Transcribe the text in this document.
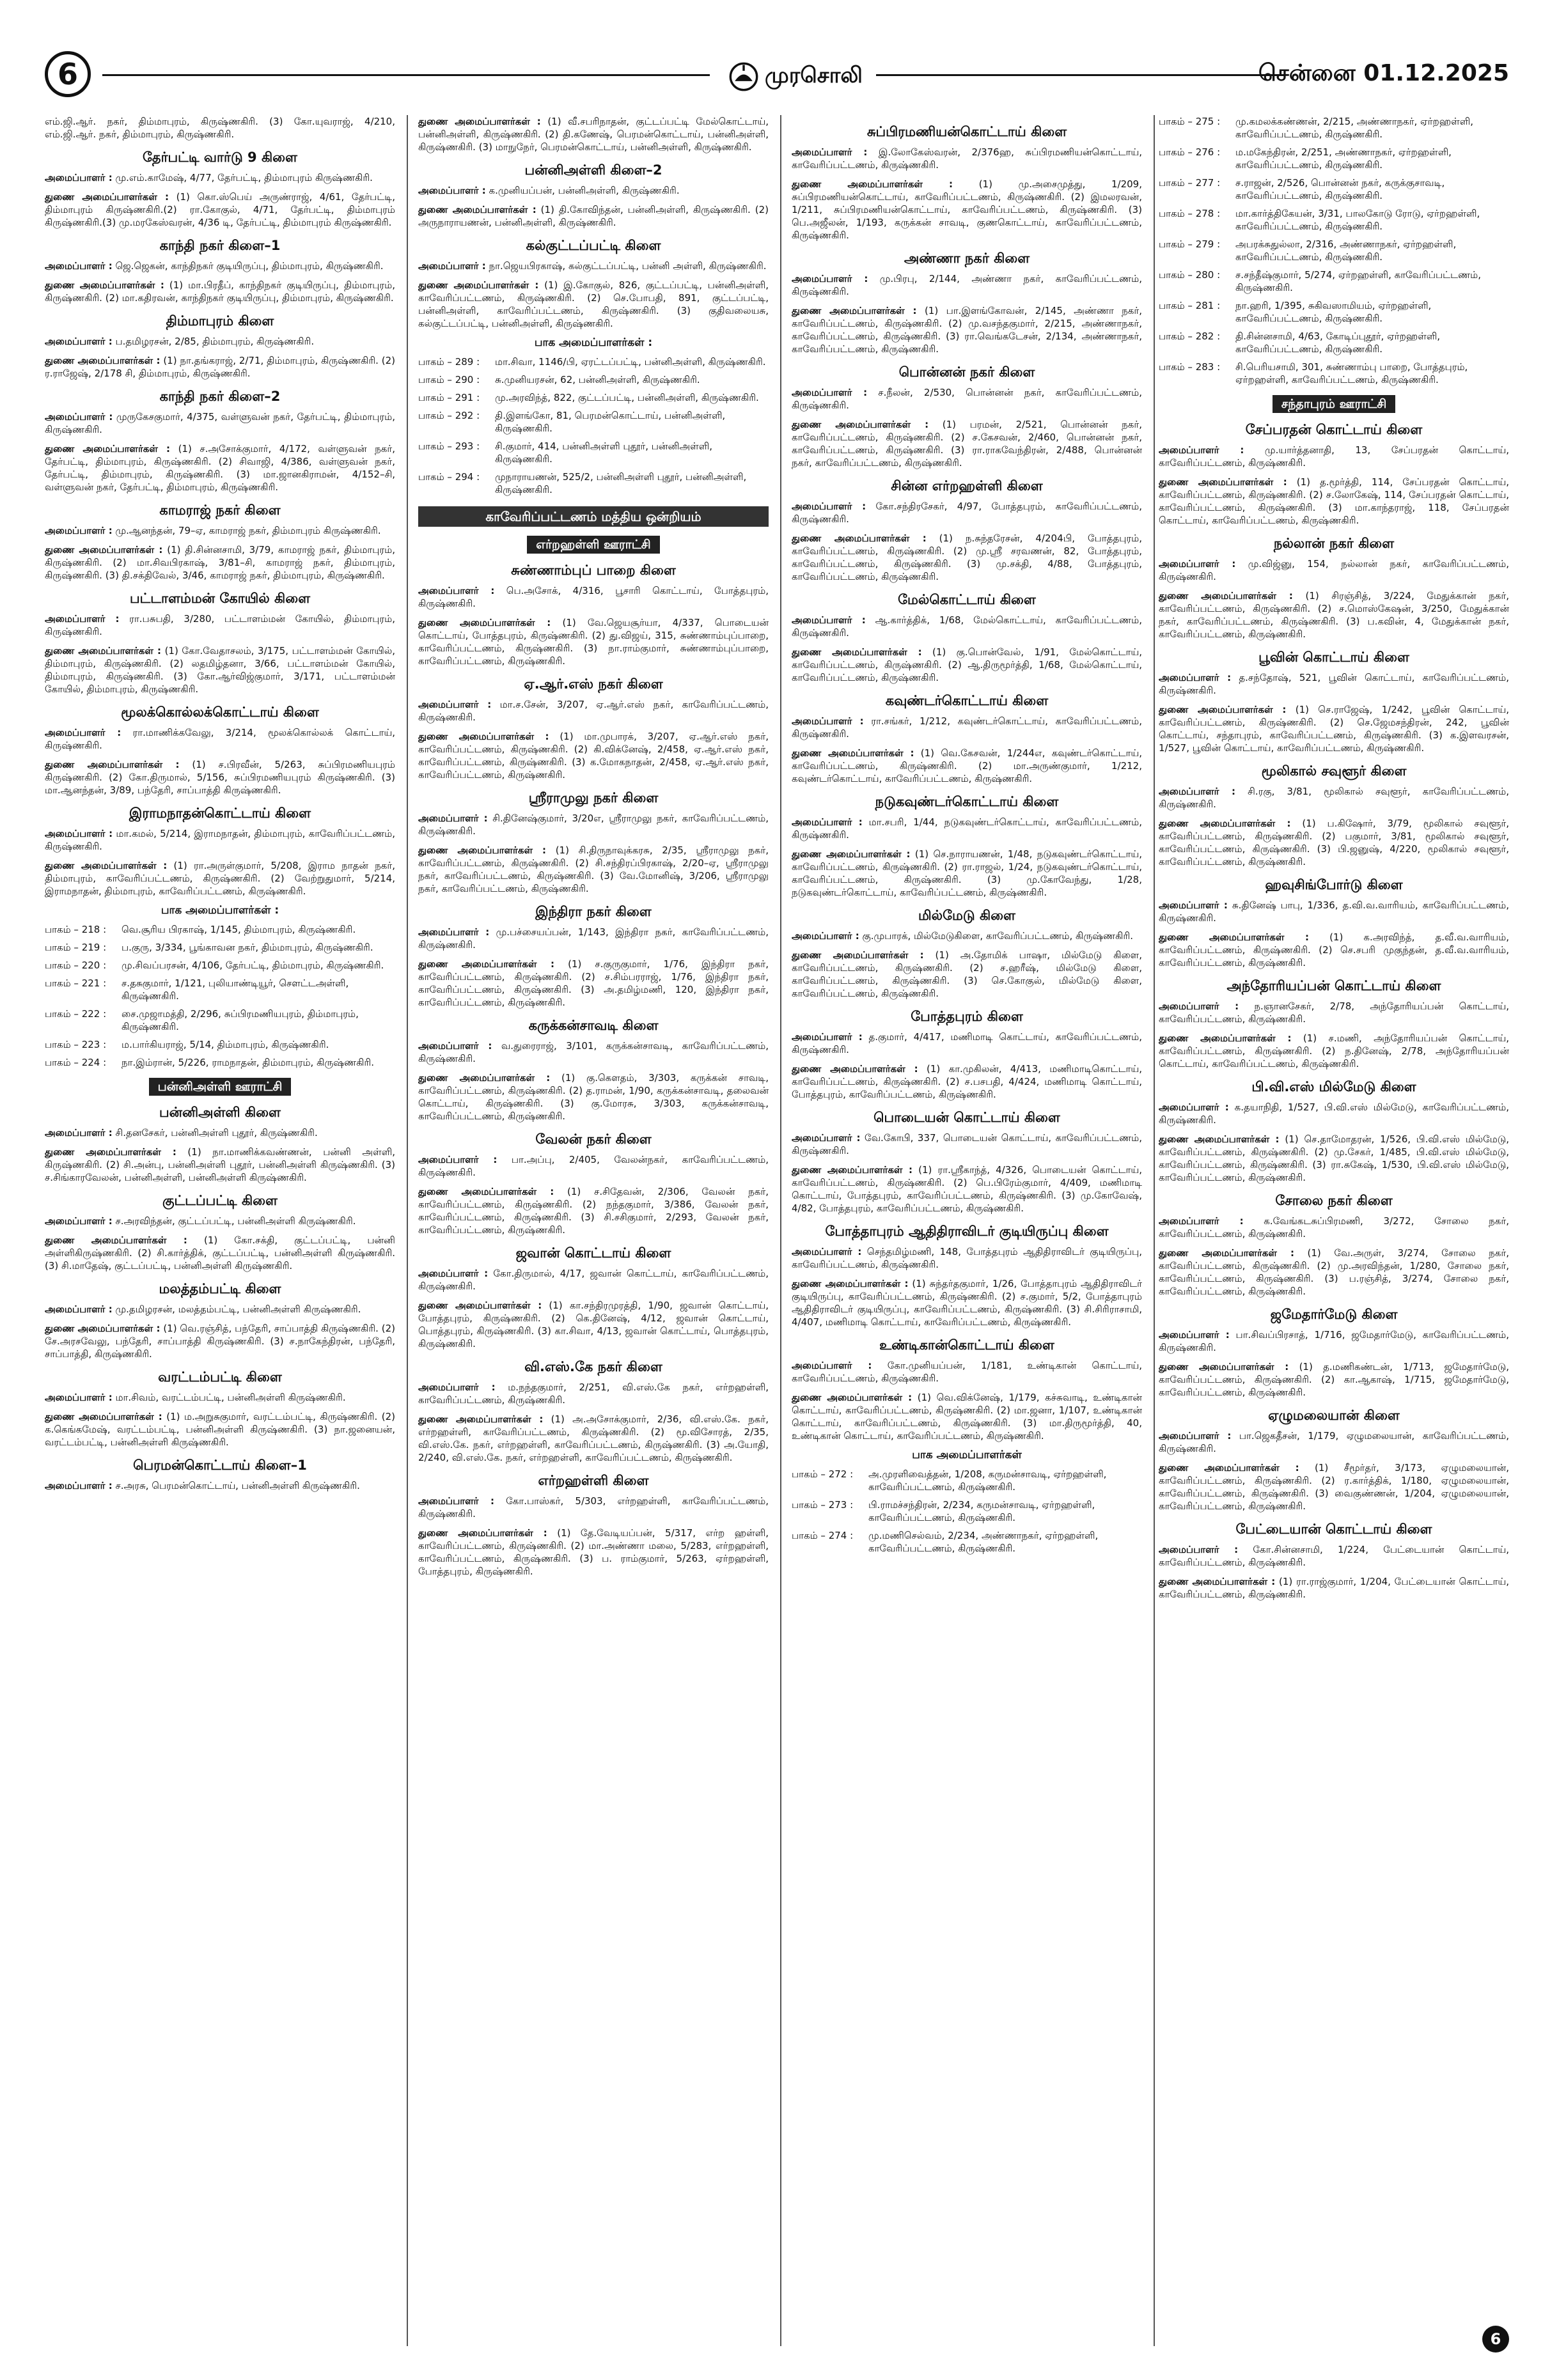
6	முரசொலி	சென்னை 01.12.2025

எம்.ஜி.ஆர். நகர், திம்மாபுரம், கிருஷ்ணகிரி. (3) கோ.யுவராஜ், 4/210, எம்.ஜி.ஆர். நகர், திம்மாபுரம், கிருஷ்ணகிரி.

தேர்பட்டி வார்டு 9 கிளை

அமைப்பாளர் : மு.எம்.காமேஷ், 4/77, தேர்பட்டி, திம்மாபுரம் கிருஷ்ணகிரி.

துணை அமைப்பாளர்கள் : (1) கொ.ஸ்பெய் அருண்ராஜ், 4/61, தேர்பட்டி, திம்மாபுரம் கிருஷ்ணகிரி.(2) ரா.கோகுல், 4/71, தேர்பட்டி, திம்மாபுரம் கிருஷ்ணகிரி.(3) மு.மரகேஸ்வரன், 4/36 டி, தேர்பட்டி, திம்மாபுரம் கிருஷ்ணகிரி.

காந்தி நகர் கிளை–1

அமைப்பாளர் : ஜெ.ஜெகன், காந்திநகர் குடியிருப்பு, திம்மாபுரம், கிருஷ்ணகிரி.

துணை அமைப்பாளர்கள் : (1) மா.பிரதீப், காந்திநகர் குடியிருப்பு, திம்மாபுரம், கிருஷ்ணகிரி. (2) மா.கதிரவன், காந்திநகர் குடியிருப்பு, திம்மாபுரம், கிருஷ்ணகிரி.

திம்மாபுரம் கிளை

அமைப்பாளர் : ப.தமிழரசன், 2/85, திம்மாபுரம், கிருஷ்ணகிரி.

துணை அமைப்பாளர்கள் : (1) நா.தங்கராஜ், 2/71, திம்மாபுரம், கிருஷ்ணகிரி. (2) ர.ராஜேஷ், 2/178 சி, திம்மாபுரம், கிருஷ்ணகிரி.

காந்தி நகர் கிளை–2

அமைப்பாளர் : முருகேசகுமார், 4/375, வள்ளுவன் நகர், தேர்பட்டி, திம்மாபுரம், கிருஷ்ணகிரி.

துணை அமைப்பாளர்கள் : (1) ச.அசோக்குமார், 4/172, வள்ளுவன் நகர், தேர்பட்டி, திம்மாபுரம், கிருஷ்ணகிரி. (2) சிவாஜி, 4/386, வள்ளுவன் நகர், தேர்பட்டி, திம்மாபுரம், கிருஷ்ணகிரி. (3) மா.ஜானகிராமன், 4/152–சி, வள்ளுவன் நகர், தேர்பட்டி, திம்மாபுரம், கிருஷ்ணகிரி.

காமராஜ் நகர் கிளை

அமைப்பாளர் : மு.ஆனந்தன், 79–ஏ, காமராஜ் நகர், திம்மாபுரம் கிருஷ்ணகிரி.

துணை அமைப்பாளர்கள் : (1) தி.சின்னசாமி, 3/79, காமராஜ் நகர், திம்மாபுரம், கிருஷ்ணகிரி. (2) மா.சிவபிரகாஷ், 3/81–சி, காமராஜ் நகர், திம்மாபுரம், கிருஷ்ணகிரி. (3) தி.சக்திவேல், 3/46, காமராஜ் நகர், திம்மாபுரம், கிருஷ்ணகிரி.

பட்டாளம்மன் கோயில் கிளை

அமைப்பாளர் : ரா.பசுபதி, 3/280, பட்டாளம்மன் கோயில், திம்மாபுரம், கிருஷ்ணகிரி.

துணை அமைப்பாளர்கள் : (1) கோ.வேதாசலம், 3/175, பட்டாளம்மன் கோயில், திம்மாபுரம், கிருஷ்ணகிரி. (2) லதமிழ்தனா, 3/66, பட்டாளம்மன் கோயில், திம்மாபுரம், கிருஷ்ணகிரி. (3) கோ.ஆர்விஜ்குமார், 3/171, பட்டாளம்மன் கோயில், திம்மாபுரம், கிருஷ்ணகிரி.

மூலக்கொல்லக்கொட்டாய் கிளை

அமைப்பாளர் : ரா.மாணிக்கவேலு, 3/214, மூலக்கொல்லக் கொட்டாய், கிருஷ்ணகிரி.

துணை அமைப்பாளர்கள் : (1) ச.பிரவீன், 5/263, சுப்பிரமணியபுரம் கிருஷ்ணகிரி. (2) கோ.திருமால், 5/156, சுப்பிரமணியபுரம் கிருஷ்ணகிரி. (3) மா.ஆனந்தன், 3/89, பந்தேரி, சாப்பாத்தி கிருஷ்ணகிரி.

இராமநாதன்கொட்டாய் கிளை

அமைப்பாளர் : மா.கமல், 5/214, இராமநாதன், திம்மாபுரம், காவேரிப்பட்டணம், கிருஷ்ணகிரி.

துணை அமைப்பாளர்கள் : (1) ரா.அருள்குமார், 5/208, இராம நாதன் நகர், திம்மாபுரம், காவேரிப்பட்டணம், கிருஷ்ணகிரி. (2) வேற்றுதுமார், 5/214, இராமநாதன், திம்மாபுரம், காவேரிப்பட்டணம், கிருஷ்ணகிரி.

பாக அமைப்பாளர்கள் :
பாகம் – 218 :	வெ.சூரிய பிரகாஷ், 1/145, திம்மாபுரம், கிருஷ்ணகிரி.
பாகம் – 219 :	ப.குரு, 3/334, பூங்காவன நகர், திம்மாபுரம், கிருஷ்ணகிரி.
பாகம் – 220 :	மு.சிவப்பரசன், 4/106, தேர்பட்டி, திம்மாபுரம், கிருஷ்ணகிரி.
பாகம் – 221 :	ச.தசுகுமார், 1/121, புலியாண்டியூர், சௌட்டஅள்ளி, கிருஷ்ணகிரி.
பாகம் – 222 :	சை.முஜாமத்தி, 2/296, சுப்பிரமணியபுரம், திம்மாபுரம், கிருஷ்ணகிரி.
பாகம் – 223 :	ம.பார்கியராஜ், 5/14, திம்மாபுரம், கிருஷ்ணகிரி.
பாகம் – 224 :	நா.இம்ரான், 5/226, ராமநாதன், திம்மாபுரம், கிருஷ்ணகிரி.
பன்னிஅள்ளி ஊராட்சி
பன்னிஅள்ளி கிளை

அமைப்பாளர் : சி.தனசேகர், பன்னிஅள்ளி புதூர், கிருஷ்ணகிரி.

துணை அமைப்பாளர்கள் : (1) நா.மாணிக்கவண்ணன், பன்னி அள்ளி, கிருஷ்ணகிரி. (2) சி.அன்பு, பன்னிஅள்ளி புதூர், பன்னிஅள்ளி கிருஷ்ணகிரி. (3) ச.சிங்காரவேலன், பன்னிஅள்ளி, பன்னிஅள்ளி கிருஷ்ணகிரி.

குட்டப்பட்டி கிளை

அமைப்பாளர் : ச.அரவிந்தன், குட்டப்பட்டி, பன்னிஅள்ளி கிருஷ்ணகிரி.

துணை அமைப்பாளர்கள் : (1) கோ.சக்தி, குட்டப்பட்டி, பன்னி அள்ளிகிருஷ்ணகிரி. (2) சி.கார்த்திக், குட்டப்பட்டி, பன்னிஅள்ளி கிருஷ்ணகிரி. (3) சி.மாதேஷ், குட்டப்பட்டி, பன்னிஅள்ளி கிருஷ்ணகிரி.

மலத்தம்பட்டி கிளை

அமைப்பாளர் : மு.தமிழரசன், மலத்தம்பட்டி, பன்னிஅள்ளி கிருஷ்ணகிரி.

துணை அமைப்பாளர்கள் : (1) வெ.ரஞ்சித், பந்தேரி, சாப்பாத்தி கிருஷ்ணகிரி. (2) சே.அரசவேலு, பந்தேரி, சாப்பாத்தி கிருஷ்ணகிரி. (3) ச.நாகேந்திரன், பந்தேரி, சாப்பாத்தி, கிருஷ்ணகிரி.

வரட்டம்பட்டி கிளை

அமைப்பாளர் : மா.சிவம், வரட்டம்பட்டி, பன்னிஅள்ளி கிருஷ்ணகிரி.

துணை அமைப்பாளர்கள் : (1) ம.அறுசுகுமார், வரட்டம்பட்டி, கிருஷ்ணகிரி. (2) க.கெங்கமேஷ், வரட்டம்பட்டி, பன்னிஅள்ளி கிருஷ்ணகிரி. (3) நா.ஜனையன், வரட்டம்பட்டி, பன்னிஅள்ளி கிருஷ்ணகிரி.

பெரமன்கொட்டாய் கிளை–1

அமைப்பாளர் : ச.அரசு, பெரமன்கொட்டாய், பன்னிஅள்ளி கிருஷ்ணகிரி.

துணை அமைப்பாளர்கள் : (1) வீ.சபரிநாதன், குட்டப்பட்டி மேல்கொட்டாய், பன்னிஅள்ளி, கிருஷ்ணகிரி. (2) தி.கணேஷ், பெரமன்கொட்டாய், பன்னிஅள்ளி, கிருஷ்ணகிரி. (3) மாநுநேர், பெரமன்கொட்டாய், பன்னிஅள்ளி, கிருஷ்ணகிரி.

பன்னிஅள்ளி கிளை–2

அமைப்பாளர் : க.முனியப்பன், பன்னிஅள்ளி, கிருஷ்ணகிரி.

துணை அமைப்பாளர்கள் : (1) தி.கோவிந்தன், பன்னிஅள்ளி, கிருஷ்ணகிரி. (2) அருநாராயணன், பன்னிஅள்ளி, கிருஷ்ணகிரி.

கல்குட்டப்பட்டி கிளை

அமைப்பாளர் : நா.ஜெயபிரகாஷ், கல்குட்டப்பட்டி, பன்னி அள்ளி, கிருஷ்ணகிரி.

துணை அமைப்பாளர்கள் : (1) இ.கோகுல், 826, குட்டப்பட்டி, பன்னிஅள்ளி, காவேரிப்பட்டணம், கிருஷ்ணகிரி. (2) செ.போபதி, 891, குட்டப்பட்டி, பன்னிஅள்ளி, காவேரிப்பட்டணம், கிருஷ்ணகிரி. (3) குதிவலையசு, கல்குட்டப்பட்டி, பன்னிஅள்ளி, கிருஷ்ணகிரி.

பாக அமைப்பாளர்கள் :
பாகம் – 289 :	மா.சிவா, 1146/பி, ஏரட்டப்பட்டி, பன்னிஅள்ளி, கிருஷ்ணகிரி.
பாகம் – 290 :	சு.முனியரசன், 62, பன்னிஅள்ளி, கிருஷ்ணகிரி.
பாகம் – 291 :	மு.அரவிந்த், 822, குட்டப்பட்டி, பன்னிஅள்ளி, கிருஷ்ணகிரி.
பாகம் – 292 :	தி.இளங்கோ, 81, பெரமன்கொட்டாய், பன்னிஅள்ளி, கிருஷ்ணகிரி.
பாகம் – 293 :	சி.குமார், 414, பன்னிஅள்ளி புதூர், பன்னிஅள்ளி, கிருஷ்ணகிரி.
பாகம் – 294 :	முநாராயணன், 525/2, பன்னிஅள்ளி புதூர், பன்னிஅள்ளி, கிருஷ்ணகிரி.
காவேரிப்பட்டணம் மத்திய ஒன்றியம்
எர்றஹள்ளி ஊராட்சி
சுண்ணாம்புப் பாறை கிளை

அமைப்பாளர் : பெ.அசோக், 4/316, பூசாரி கொட்டாய், போத்தபுரம், கிருஷ்ணகிரி.

துணை அமைப்பாளர்கள் : (1) வே.ஜெயசூர்யா, 4/337, பொடையன் கொட்டாய், போத்தபுரம், கிருஷ்ணகிரி. (2) து.விஜய், 315, சுண்ணாம்புப்பாறை, காவேரிப்பட்டணம், கிருஷ்ணகிரி. (3) நா.ராம்குமார், சுண்ணாம்புப்பாறை, காவேரிப்பட்டணம், கிருஷ்ணகிரி.

ஏ.ஆர்.எஸ் நகர் கிளை

அமைப்பாளர் : மா.ச.சேன், 3/207, ஏ.ஆர்.எஸ் நகர், காவேரிப்பட்டணம், கிருஷ்ணகிரி.

துணை அமைப்பாளர்கள் : (1) மா.முபாரக், 3/207, ஏ.ஆர்.எஸ் நகர், காவேரிப்பட்டணம், கிருஷ்ணகிரி. (2) கி.விக்னேஷ், 2/458, ஏ.ஆர்.எஸ் நகர், காவேரிப்பட்டணம், கிருஷ்ணகிரி. (3) க.மோகநாதன், 2/458, ஏ.ஆர்.எஸ் நகர், காவேரிப்பட்டணம், கிருஷ்ணகிரி.

ஸ்ரீராமுலு நகர் கிளை

அமைப்பாளர் : சி.தினேஷ்குமார், 3/20எ, ஸ்ரீராமுலு நகர், காவேரிப்பட்டணம், கிருஷ்ணகிரி.

துணை அமைப்பாளர்கள் : (1) சி.திருநாவுக்கரசு, 2/35, ஸ்ரீராமுலு நகர், காவேரிப்பட்டணம், கிருஷ்ணகிரி. (2) சி.சந்திரப்பிரகாஷ், 2/20–ஏ, ஸ்ரீராமுலு நகர், காவேரிப்பட்டணம், கிருஷ்ணகிரி. (3) வே.மோனிஷ், 3/206, ஸ்ரீராமுலு நகர், காவேரிப்பட்டணம், கிருஷ்ணகிரி.

இந்திரா நகர் கிளை

அமைப்பாளர் : மு.பச்சையப்பன், 1/143, இந்திரா நகர், காவேரிப்பட்டணம், கிருஷ்ணகிரி.

துணை அமைப்பாளர்கள் : (1) ச.குருகுமார், 1/76, இந்திரா நகர், காவேரிப்பட்டணம், கிருஷ்ணகிரி. (2) ச.சிம்பரராஜ், 1/76, இந்திரா நகர், காவேரிப்பட்டணம், கிருஷ்ணகிரி. (3) அ.தமிழ்மணி, 120, இந்திரா நகர், காவேரிப்பட்டணம், கிருஷ்ணகிரி.

கருக்கன்சாவடி கிளை

அமைப்பாளர் : வ.துரைராஜ், 3/101, கருக்கன்சாவடி, காவேரிப்பட்டணம், கிருஷ்ணகிரி.

துணை அமைப்பாளர்கள் : (1) கு.கௌதம், 3/303, கருக்கன் சாவடி, காவேரிப்பட்டணம், கிருஷ்ணகிரி. (2) த.ராமன், 1/90, கருக்கன்சாவடி, தலைவன் கொட்டாய், கிருஷ்ணகிரி. (3) கு.மோரசு, 3/303, கருக்கன்சாவடி, காவேரிப்பட்டணம், கிருஷ்ணகிரி.

வேலன் நகர் கிளை

அமைப்பாளர் : பா.அப்பு, 2/405, வேலன்நகர், காவேரிப்பட்டணம், கிருஷ்ணகிரி.

துணை அமைப்பாளர்கள் : (1) ச.சிதேவன், 2/306, வேலன் நகர், காவேரிப்பட்டணம், கிருஷ்ணகிரி. (2) நந்தகுமார், 3/386, வேலன் நகர், காவேரிப்பட்டணம், கிருஷ்ணகிரி. (3) சி.சசிகுமார், 2/293, வேலன் நகர், காவேரிப்பட்டணம், கிருஷ்ணகிரி.

ஜவான் கொட்டாய் கிளை

அமைப்பாளர் : கோ.திருமால், 4/17, ஜவான் கொட்டாய், காவேரிப்பட்டணம், கிருஷ்ணகிரி.

துணை அமைப்பாளர்கள் : (1) கா.சந்திரமுரத்தி, 1/90, ஜவான் கொட்டாய், போத்தபுரம், கிருஷ்ணகிரி. (2) கெ.தினேஷ், 4/12, ஜவான் கொட்டாய், பொத்தபுரம், கிருஷ்ணகிரி. (3) கா.சிவா, 4/13, ஜவான் கொட்டாய், பொத்தபுரம், கிருஷ்ணகிரி.

வி.எஸ்.கே நகர் கிளை

அமைப்பாளர் : ம.நந்தகுமார், 2/251, வி.எஸ்.கே நகர், எர்றஹள்ளி, காவேரிப்பட்டணம், கிருஷ்ணகிரி.

துணை அமைப்பாளர்கள் : (1) அ.அசோக்குமார், 2/36, வி.எஸ்.கே. நகர், எர்றஹள்ளி, காவேரிப்பட்டணம், கிருஷ்ணகிரி. (2) மூ.விசோரத், 2/35, வி.எஸ்.கே. நகர், எர்றஹள்ளி, காவேரிப்பட்டணம், கிருஷ்ணகிரி. (3) அ.யோதி, 2/240, வி.எஸ்.கே. நகர், எர்றஹள்ளி, காவேரிப்பட்டணம், கிருஷ்ணகிரி.

எர்றஹள்ளி கிளை

அமைப்பாளர் : கோ.பாஸ்கர், 5/303, எர்றஹள்ளி, காவேரிப்பட்டணம், கிருஷ்ணகிரி.

துணை அமைப்பாளர்கள் : (1) தே.வேடியப்பன், 5/317, எர்ற ஹள்ளி, காவேரிப்பட்டணம், கிருஷ்ணகிரி. (2) மா.அண்ணா மலை, 5/283, எர்றஹள்ளி, காவேரிப்பட்டணம், கிருஷ்ணகிரி. (3) ப. ராம்குமார், 5/263, ஏர்றஹள்ளி, போத்தபுரம், கிருஷ்ணகிரி.

சுப்பிரமணியன்கொட்டாய் கிளை

அமைப்பாளர் : இ.லோகேஸ்வரன், 2/376ஹ, சுப்பிரமணியன்கொட்டாய், காவேரிப்பட்டணம், கிருஷ்ணகிரி.

துணை அமைப்பாளர்கள் :	(1) மு.அசைமுத்து, 1/209, சுப்பிரமணியன்கொட்டாய், காவேரிப்பட்டணம், கிருஷ்ணகிரி. (2) இமலரவன், 1/211, சுப்பிரமணியன்கொட்டாய், காவேரிப்பட்டணம், கிருஷ்ணகிரி. (3) பெ.அஜீலன், 1/193, கருக்கன் சாவடி, குணகொட்டாய், காவேரிப்பட்டணம், கிருஷ்ணகிரி.

அண்ணா நகர் கிளை

அமைப்பாளர் : மு.பிரபு, 2/144, அண்ணா நகர், காவேரிப்பட்டணம், கிருஷ்ணகிரி.

துணை அமைப்பாளர்கள் : (1) பா.இளங்கோவன், 2/145, அண்ணா நகர், காவேரிப்பட்டணம், கிருஷ்ணகிரி. (2) மு.வசந்தகுமார், 2/215, அண்ணாநகர், காவேரிப்பட்டணம், கிருஷ்ணகிரி. (3) ரா.வெங்கடேசன், 2/134, அண்ணாநகர், காவேரிப்பட்டணம், கிருஷ்ணகிரி.

பொன்னன் நகர் கிளை

அமைப்பாளர் : ச.நீலன், 2/530, பொன்னன் நகர், காவேரிப்பட்டணம், கிருஷ்ணகிரி.

துணை அமைப்பாளர்கள் : (1) பரமன், 2/521, பொன்னன் நகர், காவேரிப்பட்டணம், கிருஷ்ணகிரி. (2) ச.கேசவன், 2/460, பொன்னன் நகர், காவேரிப்பட்டணம், கிருஷ்ணகிரி. (3) ரா.ராகவேந்திரன், 2/488, பொன்னன் நகர், காவேரிப்பட்டணம், கிருஷ்ணகிரி.

சின்ன எர்றஹள்ளி கிளை

அமைப்பாளர் : கோ.சந்திரசேகர், 4/97, போத்தபுரம், காவேரிப்பட்டணம், கிருஷ்ணகிரி.

துணை அமைப்பாளர்கள் : (1) ந.சுந்தரேசன், 4/204பி, போத்தபுரம், காவேரிப்பட்டணம், கிருஷ்ணகிரி. (2) மு.ஸ்ரீ சரவணன், 82, போத்தபுரம், காவேரிப்பட்டணம், கிருஷ்ணகிரி. (3) மு.சக்தி, 4/88, போத்தபுரம், காவேரிப்பட்டணம், கிருஷ்ணகிரி.

மேல்கொட்டாய் கிளை

அமைப்பாளர் : ஆ.கார்த்திக், 1/68, மேல்கொட்டாய், காவேரிப்பட்டணம், கிருஷ்ணகிரி.

துணை அமைப்பாளர்கள் : (1) கு.பொன்வேல், 1/91, மேல்கொட்டாய், காவேரிப்பட்டணம், கிருஷ்ணகிரி. (2) ஆ.திருமூர்த்தி, 1/68, மேல்கொட்டாய், காவேரிப்பட்டணம், கிருஷ்ணகிரி.

கவுண்டர்கொட்டாய் கிளை

அமைப்பாளர் : ரா.சங்கர், 1/212, கவுண்டர்கொட்டாய், காவேரிப்பட்டணம், கிருஷ்ணகிரி.

துணை அமைப்பாளர்கள் : (1) வெ.கேசவன், 1/244எ, கவுண்டர்கொட்டாய், காவேரிப்பட்டணம், கிருஷ்ணகிரி. (2) மா.அருண்குமார், 1/212, கவுண்டர்கொட்டாய், காவேரிப்பட்டணம், கிருஷ்ணகிரி.

நடுகவுண்டர்கொட்டாய் கிளை

அமைப்பாளர் : மா.சபரி, 1/44, நடுகவுண்டர்கொட்டாய், காவேரிப்பட்டணம், கிருஷ்ணகிரி.

துணை அமைப்பாளர்கள் : (1) செ.நாராயணன், 1/48, நடுகவுண்டர்கொட்டாய், காவேரிப்பட்டணம், கிருஷ்ணகிரி. (2) ரா.ராஜல், 1/24, நடுகவுண்டர்கொட்டாய், காவேரிப்பட்டணம், கிருஷ்ணகிரி. (3) மு.கோவேந்து, 1/28, நடுகவுண்டர்கொட்டாய், காவேரிப்பட்டணம், கிருஷ்ணகிரி.

மில்மேடு கிளை

அமைப்பாளர் : கு.முபாரக், மில்மேடுகிளை, காவேரிப்பட்டணம், கிருஷ்ணகிரி.

துணை அமைப்பாளர்கள் : (1) அ.தோமிக் பாஷா, மில்மேடு கிளை, காவேரிப்பட்டணம், கிருஷ்ணகிரி. (2) ச.ஹரீஷ், மில்மேடு கிளை, காவேரிப்பட்டணம், கிருஷ்ணகிரி. (3) செ.கோகுல், மில்மேடு கிளை, காவேரிப்பட்டணம், கிருஷ்ணகிரி.

போத்தபுரம் கிளை

அமைப்பாளர் : த.குமார், 4/417, மணிமாடி கொட்டாய், காவேரிப்பட்டணம், கிருஷ்ணகிரி.

துணை அமைப்பாளர்கள் : (1) கா.முகிலன், 4/413, மணிமாடிகொட்டாய், காவேரிப்பட்டணம், கிருஷ்ணகிரி. (2) ச.பசபதி, 4/424, மணிமாடி கொட்டாய், போத்தபுரம், காவேரிப்பட்டணம், கிருஷ்ணகிரி.

பொடையன் கொட்டாய் கிளை

அமைப்பாளர் : வே.கோபி, 337, பொடையன் கொட்டாய், காவேரிப்பட்டணம், கிருஷ்ணகிரி.

துணை அமைப்பாளர்கள் : (1) ரா.ஸ்ரீகாந்த், 4/326, பொடையன் கொட்டாய், காவேரிப்பட்டணம், கிருஷ்ணகிரி. (2) பெ.பிரேம்குமார், 4/409, மணிமாடி கொட்டாய், போத்தபுரம், காவேரிப்பட்டணம், கிருஷ்ணகிரி. (3) மு.கோவேஷ், 4/82, போத்தபுரம், காவேரிப்பட்டணம், கிருஷ்ணகிரி.

போத்தாபுரம் ஆதிதிராவிடர் குடியிருப்பு கிளை

அமைப்பாளர் : செந்தமிழ்மணி, 148, போத்தபுரம் ஆதிதிராவிடர் குடியிருப்பு, காவேரிப்பட்டணம், கிருஷ்ணகிரி.

துணை அமைப்பாளர்கள் : (1) சுந்தர்தகுமார், 1/26, போத்தாபுரம் ஆதிதிராவிடர் குடியிருப்பு, காவேரிப்பட்டணம், கிருஷ்ணகிரி. (2) ச.குமார், 5/2, போத்தாபுரம் ஆதிதிராவிடர் குடியிருப்பு, காவேரிப்பட்டணம், கிருஷ்ணகிரி. (3) சி.சிரிராசாமி, 4/407, மணிமாடி கொட்டாய், காவேரிப்பட்டணம், கிருஷ்ணகிரி.

உண்டிகான்கொட்டாய் கிளை

அமைப்பாளர் : கோ.முனியப்பன், 1/181, உண்டிகான் கொட்டாய், காவேரிப்பட்டணம், கிருஷ்ணகிரி.

துணை அமைப்பாளர்கள் : (1) வெ.விக்னேஷ், 1/179, கச்சுவாடி, உண்டிகான் கொட்டாய், காவேரிப்பட்டணம், கிருஷ்ணகிரி. (2) மா.ஜனா, 1/107, உண்டிகான் கொட்டாய், காவேரிப்பட்டணம், கிருஷ்ணகிரி. (3) மா.திருமூர்த்தி, 40, உண்டிகான் கொட்டாய், காவேரிப்பட்டணம், கிருஷ்ணகிரி.

பாக அமைப்பாளர்கள்
பாகம் – 272 :	அ.முரளிவைத்தன், 1/208, கருமன்சாவடி, ஏர்றஹள்ளி, காவேரிப்பட்டணம், கிருஷ்ணகிரி.
பாகம் – 273 :	பி.ராமச்சந்திரன், 2/234, கருமன்சாவடி, ஏர்றஹள்ளி, காவேரிப்பட்டணம், கிருஷ்ணகிரி.
பாகம் – 274 :	மு.மணிசெல்வம், 2/234, அண்ணாநகர், ஏர்றஹள்ளி, காவேரிப்பட்டணம், கிருஷ்ணகிரி.
பாகம் – 275 :	மு.கமலக்கண்ணன், 2/215, அண்ணாநகர், ஏர்றஹள்ளி, காவேரிப்பட்டணம், கிருஷ்ணகிரி.
பாகம் – 276 :	ம.மகேந்திரன், 2/251, அண்ணாநகர், ஏர்றஹள்ளி, காவேரிப்பட்டணம், கிருஷ்ணகிரி.
பாகம் – 277 :	ச.ராஜன், 2/526, பொன்னன் நகர், கருக்குசாவடி, காவேரிப்பட்டணம், கிருஷ்ணகிரி.
பாகம் – 278 :	மா.கார்த்திகேயன், 3/31, பாலகோடு ரோடு, ஏர்றஹள்ளி, காவேரிப்பட்டணம், கிருஷ்ணகிரி.
பாகம் – 279 :	அபரக்சுதுல்லா, 2/316, அண்ணாநகர், ஏர்றஹள்ளி, காவேரிப்பட்டணம், கிருஷ்ணகிரி.
பாகம் – 280 :	ச.சந்தீஷ்குமார், 5/274, ஏர்றஹள்ளி, காவேரிப்பட்டணம், கிருஷ்ணகிரி.
பாகம் – 281 :	நா.ஹரி, 1/395, சுகிவஸாமியம், ஏர்றஹள்ளி, காவேரிப்பட்டணம், கிருஷ்ணகிரி.
பாகம் – 282 :	தி.சின்னசாமி, 4/63, கோடிப்புதூர், ஏர்றஹள்ளி, காவேரிப்பட்டணம், கிருஷ்ணகிரி.
பாகம் – 283 :	சி.பெரியசாமி, 301, சுண்ணாம்பு பாறை, போத்தபுரம், ஏர்றஹள்ளி, காவேரிப்பட்டணம், கிருஷ்ணகிரி.
சந்தாபுரம் ஊராட்சி
சேப்பரதன் கொட்டாய் கிளை

அமைப்பாளர் : மு.யார்த்தனாதி, 13, சேப்பரதன் கொட்டாய், காவேரிப்பட்டணம், கிருஷ்ணகிரி.

துணை அமைப்பாளர்கள் : (1) த.மூர்த்தி, 114, சேப்பரதன் கொட்டாய், காவேரிப்பட்டணம், கிருஷ்ணகிரி. (2) ச.லோகேஷ், 114, சேப்பரதன் கொட்டாய், காவேரிப்பட்டணம், கிருஷ்ணகிரி. (3) மா.காந்தராஜ், 118, சேப்பரதன் கொட்டாய், காவேரிப்பட்டணம், கிருஷ்ணகிரி.

நல்லான் நகர் கிளை

அமைப்பாளர் : மு.விஜ்னு, 154, நல்லான் நகர், காவேரிப்பட்டணம், கிருஷ்ணகிரி.

துணை அமைப்பாளர்கள் : (1) சிரஞ்சித், 3/224, மேதுக்கான் நகர், காவேரிப்பட்டணம், கிருஷ்ணகிரி. (2) ச.மொஸ்கேஷன், 3/250, மேதுக்கான் நகர், காவேரிப்பட்டணம், கிருஷ்ணகிரி. (3) ப.கவின், 4, மேதுக்கான் நகர், காவேரிப்பட்டணம், கிருஷ்ணகிரி.

பூவின் கொட்டாய் கிளை

அமைப்பாளர் : த.சந்தோஷ், 521, பூவின் கொட்டாய், காவேரிப்பட்டணம், கிருஷ்ணகிரி.

துணை அமைப்பாளர்கள் : (1) செ.ராஜேஷ், 1/242, பூவின் கொட்டாய், காவேரிப்பட்டணம், கிருஷ்ணகிரி. (2) செ.ஜேமசந்திரன், 242, பூவின் கொட்டாய், சந்தாபுரம், காவேரிப்பட்டணம், கிருஷ்ணகிரி. (3) க.இளவரசன், 1/527, பூவின் கொட்டாய், காவேரிப்பட்டணம், கிருஷ்ணகிரி.

மூலிகால் சவுளூர் கிளை

அமைப்பாளர் : சி.ரகு, 3/81, மூலிகால் சவுளூர், காவேரிப்பட்டணம், கிருஷ்ணகிரி.

துணை அமைப்பாளர்கள் : (1) ப.கிஷோர், 3/79, மூலிகால் சவுளூர், காவேரிப்பட்டணம், கிருஷ்ணகிரி. (2) பகுமார், 3/81, மூலிகால் சவுளூர், காவேரிப்பட்டணம், கிருஷ்ணகிரி. (3) பி.ஜனுஷ், 4/220, மூலிகால் சவுளூர், காவேரிப்பட்டணம், கிருஷ்ணகிரி.

ஹவுசிங்போர்டு கிளை

அமைப்பாளர் : சு.தினேஷ் பாபு, 1/336, த.வி.வ.வாரியம், காவேரிப்பட்டணம், கிருஷ்ணகிரி.

துணை அமைப்பாளர்கள் : (1) க.அரவிந்த், த.வீ.வ.வாரியம், காவேரிப்பட்டணம், கிருஷ்ணகிரி. (2) செ.சபரி முகுந்தன், த.வீ.வ.வாரியம், காவேரிப்பட்டணம், கிருஷ்ணகிரி.

அந்தோரியப்பன் கொட்டாய் கிளை

அமைப்பாளர் : ந.ஞானசேகர், 2/78, அந்தோரியப்பன் கொட்டாய், காவேரிப்பட்டணம், கிருஷ்ணகிரி.

துணை அமைப்பாளர்கள் : (1) ச.மணி, அந்தோரியப்பன் கொட்டாய், காவேரிப்பட்டணம், கிருஷ்ணகிரி. (2) ந.தினேஷ், 2/78, அந்தோரியப்பன் கொட்டாய், காவேரிப்பட்டணம், கிருஷ்ணகிரி.

பி.வி.எஸ் மில்மேடு கிளை

அமைப்பாளர் : க.தயாநிதி, 1/527, பி.வி.எஸ் மில்மேடு, காவேரிப்பட்டணம், கிருஷ்ணகிரி.

துணை அமைப்பாளர்கள் : (1) செ.தாமோதரன், 1/526, பி.வி.எஸ் மில்மேடு, காவேரிப்பட்டணம், கிருஷ்ணகிரி. (2) மு.சேகர், 1/485, பி.வி.எஸ் மில்மேடு, காவேரிப்பட்டணம், கிருஷ்ணகிரி. (3) ரா.சுகேஷ், 1/530, பி.வி.எஸ் மில்மேடு, காவேரிப்பட்டணம், கிருஷ்ணகிரி.

சோலை நகர் கிளை

அமைப்பாளர் : க.வேங்கடசுப்பிரமணி, 3/272, சோலை நகர், காவேரிப்பட்டணம், கிருஷ்ணகிரி.

துணை அமைப்பாளர்கள் : (1) வே.அருள், 3/274, சோலை நகர், காவேரிப்பட்டணம், கிருஷ்ணகிரி. (2) மு.அரவிந்தன், 1/280, சோலை நகர், காவேரிப்பட்டணம், கிருஷ்ணகிரி. (3) ப.ரஞ்சித், 3/274, சோலை நகர், காவேரிப்பட்டணம், கிருஷ்ணகிரி.

ஜமேதார்மேடு கிளை

அமைப்பாளர் : பா.சிவப்பிரசாத், 1/716, ஜமேதார்மேடு, காவேரிப்பட்டணம், கிருஷ்ணகிரி.

துணை அமைப்பாளர்கள் : (1) த.மணிகண்டன், 1/713, ஜமேதார்மேடு, காவேரிப்பட்டணம், கிருஷ்ணகிரி. (2) கா.ஆகாஷ், 1/715, ஜமேதார்மேடு, காவேரிப்பட்டணம், கிருஷ்ணகிரி.

ஏழுமலையான் கிளை

அமைப்பாளர் : பா.ஜெகதீசன், 1/179, ஏழுமலையான், காவேரிப்பட்டணம், கிருஷ்ணகிரி.

துணை அமைப்பாளர்கள் : (1) சீமூர்தர், 3/173, ஏழுமலையான், காவேரிப்பட்டணம், கிருஷ்ணகிரி. (2) ர.கார்த்திக், 1/180, ஏழுமலையான், காவேரிப்பட்டணம், கிருஷ்ணகிரி. (3) வைகுண்ணன், 1/204, ஏழுமலையான், காவேரிப்பட்டணம், கிருஷ்ணகிரி.

பேட்டையான் கொட்டாய் கிளை

அமைப்பாளர் : கோ.சின்னசாமி, 1/224, பேட்டையான் கொட்டாய், காவேரிப்பட்டணம், கிருஷ்ணகிரி.

துணை அமைப்பாளர்கள் : (1) ரா.ராஜ்குமார், 1/204, பேட்டையான் கொட்டாய், காவேரிப்பட்டணம், கிருஷ்ணகிரி.

6
